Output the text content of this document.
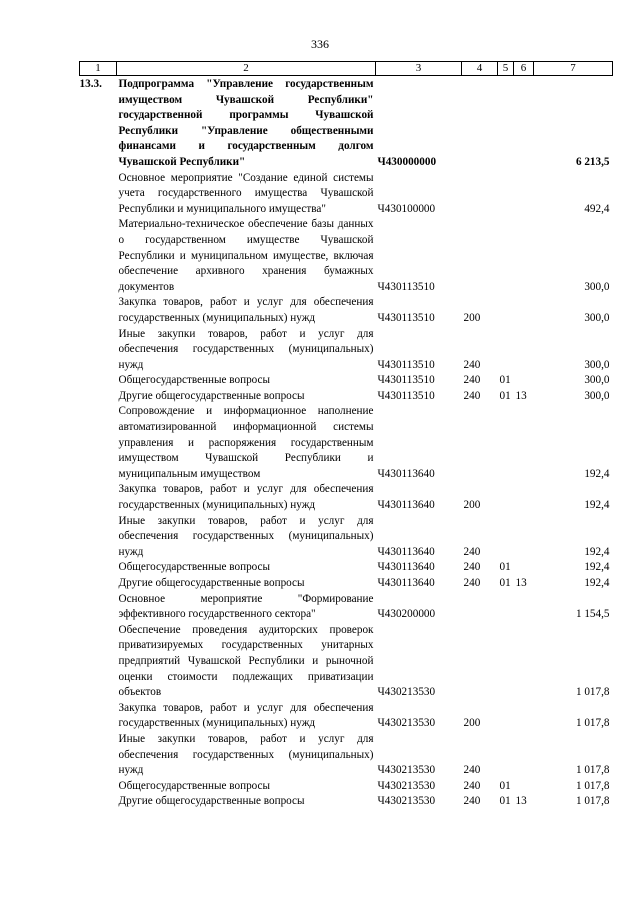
336
1	2	3	4	5	6	7
13.3.	Подпрограмма "Управление государственным имуществом Чувашской Республики" государственной программы Чувашской Республики "Управление общественными финансами и государственным долгом Чувашской Республики"	Ч430000000				6 213,5
	Основное мероприятие "Создание единой системы учета государственного имущества Чувашской Республики и муниципального имущества"	Ч430100000				492,4
	Материально-техническое обеспечение базы данных о государственном имуществе Чувашской Республики и муниципальном имуществе, включая обеспечение архивного хранения бумажных документов	Ч430113510				300,0
	Закупка товаров, работ и услуг для обеспечения государственных (муниципальных) нужд	Ч430113510	200			300,0
	Иные закупки товаров, работ и услуг для обеспечения государственных (муниципальных) нужд	Ч430113510	240			300,0
	Общегосударственные вопросы	Ч430113510	240	01		300,0
	Другие общегосударственные вопросы	Ч430113510	240	01	13	300,0
	Сопровождение и информационное наполнение автоматизированной информационной системы управления и распоряжения государственным имуществом Чувашской Республики и муниципальным имуществом	Ч430113640				192,4
	Закупка товаров, работ и услуг для обеспечения государственных (муниципальных) нужд	Ч430113640	200			192,4
	Иные закупки товаров, работ и услуг для обеспечения государственных (муниципальных) нужд	Ч430113640	240			192,4
	Общегосударственные вопросы	Ч430113640	240	01		192,4
	Другие общегосударственные вопросы	Ч430113640	240	01	13	192,4
	Основное мероприятие "Формирование эффективного государственного сектора"	Ч430200000				1 154,5
	Обеспечение проведения аудиторских проверок приватизируемых государственных унитарных предприятий Чувашской Республики и рыночной оценки стоимости подлежащих приватизации объектов	Ч430213530				1 017,8
	Закупка товаров, работ и услуг для обеспечения государственных (муниципальных) нужд	Ч430213530	200			1 017,8
	Иные закупки товаров, работ и услуг для обеспечения государственных (муниципальных) нужд	Ч430213530	240			1 017,8
	Общегосударственные вопросы	Ч430213530	240	01		1 017,8
	Другие общегосударственные вопросы	Ч430213530	240	01	13	1 017,8
